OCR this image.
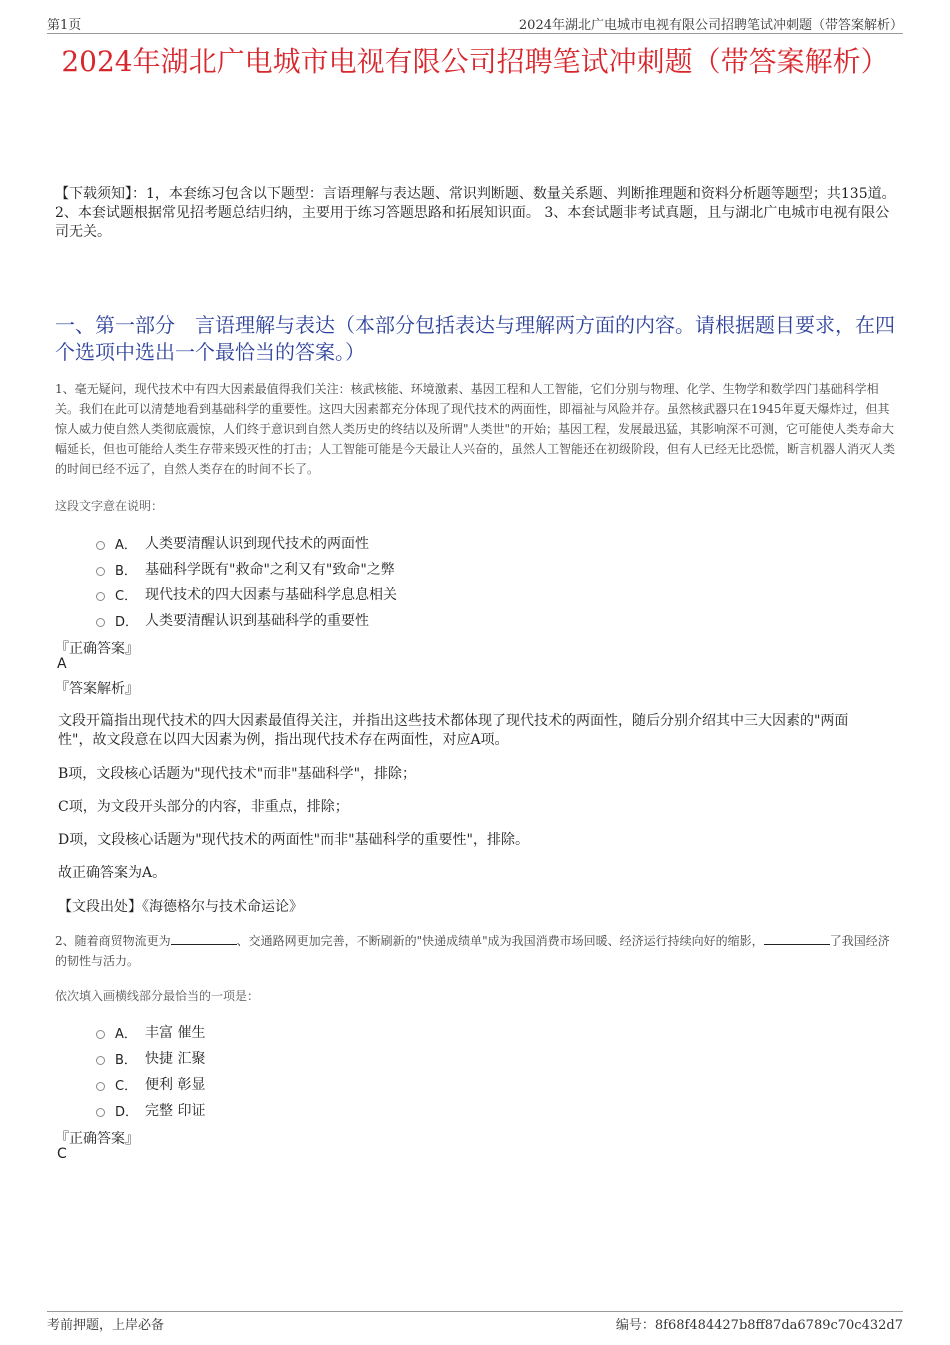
第1页	2024年湖北广电城市电视有限公司招聘笔试冲刺题（带答案解析）
2024年湖北广电城市电视有限公司招聘笔试冲刺题（带答案解析）
【下载须知】：1，本套练习包含以下题型：言语理解与表达题、常识判断题、数量关系题、判断推理题和资料分析题等题型；共135道。 2、本套试题根据常见招考题总结归纳，主要用于练习答题思路和拓展知识面。 3、本套试题非考试真题，且与湖北广电城市电视有限公司无关。
一、第一部分　言语理解与表达（本部分包括表达与理解两方面的内容。请根据题目要求，在四个选项中选出一个最恰当的答案。）
1、毫无疑问，现代技术中有四大因素最值得我们关注：核武核能、环境激素、基因工程和人工智能，它们分别与物理、化学、生物学和数学四门基础科学相关。我们在此可以清楚地看到基础科学的重要性。这四大因素都充分体现了现代技术的两面性，即福祉与风险并存。虽然核武器只在1945年夏天爆炸过，但其惊人威力使自然人类彻底震惊，人们终于意识到自然人类历史的终结以及所谓"人类世"的开始；基因工程，发展最迅猛，其影响深不可测，它可能使人类寿命大幅延长，但也可能给人类生存带来毁灭性的打击；人工智能可能是今天最让人兴奋的，虽然人工智能还在初级阶段，但有人已经无比恐慌，断言机器人消灭人类的时间已经不远了，自然人类存在的时间不长了。
这段文字意在说明：
A． 人类要清醒认识到现代技术的两面性
B． 基础科学既有"救命"之利又有"致命"之弊
C． 现代技术的四大因素与基础科学息息相关
D． 人类要清醒认识到基础科学的重要性
『正确答案』
A
『答案解析』
文段开篇指出现代技术的四大因素最值得关注，并指出这些技术都体现了现代技术的两面性，随后分别介绍其中三大因素的"两面性"，故文段意在以四大因素为例，指出现代技术存在两面性，对应A项。
B项，文段核心话题为"现代技术"而非"基础科学"，排除；
C项，为文段开头部分的内容，非重点，排除；
D项，文段核心话题为"现代技术的两面性"而非"基础科学的重要性"，排除。
故正确答案为A。
【文段出处】《海德格尔与技术命运论》
2、随着商贸物流更为	、交通路网更加完善，不断刷新的"快递成绩单"成为我国消费市场回暖、经济运行持续向好的缩影，	了我国经济的韧性与活力。
依次填入画横线部分最恰当的一项是：
A． 丰富 催生
B． 快捷 汇聚
C． 便利 彰显
D． 完整 印证
『正确答案』
C
考前押题，上岸必备	编号：8f68f484427b8ff87da6789c70c432d7
